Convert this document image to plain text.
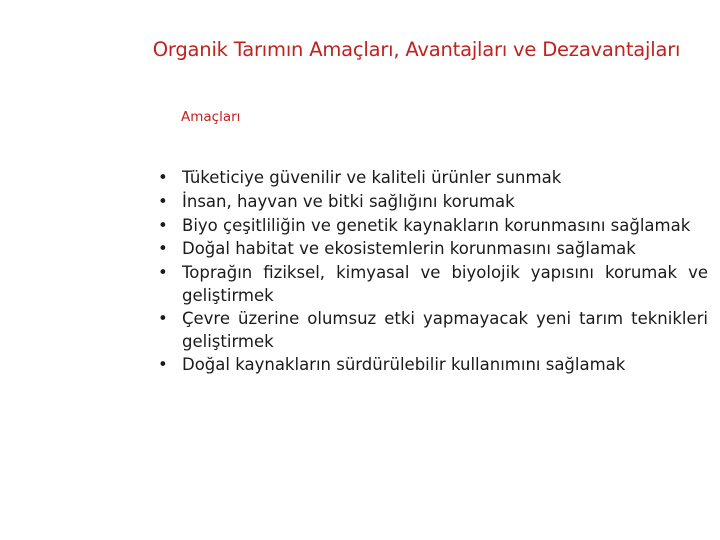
Organik Tarımın Amaçları, Avantajları ve Dezavantajları
Amaçları
• Tüketiciye güvenilir ve kaliteli ürünler sunmak
• İnsan, hayvan ve bitki sağlığını korumak
• Biyo çeşitliliğin ve genetik kaynakların korunmasını sağlamak
• Doğal habitat ve ekosistemlerin korunmasını sağlamak
• Toprağın fiziksel, kimyasal ve biyolojik yapısını korumak ve geliştirmek
• Çevre üzerine olumsuz etki yapmayacak yeni tarım teknikleri geliştirmek
• Doğal kaynakların sürdürülebilir kullanımını sağlamak
